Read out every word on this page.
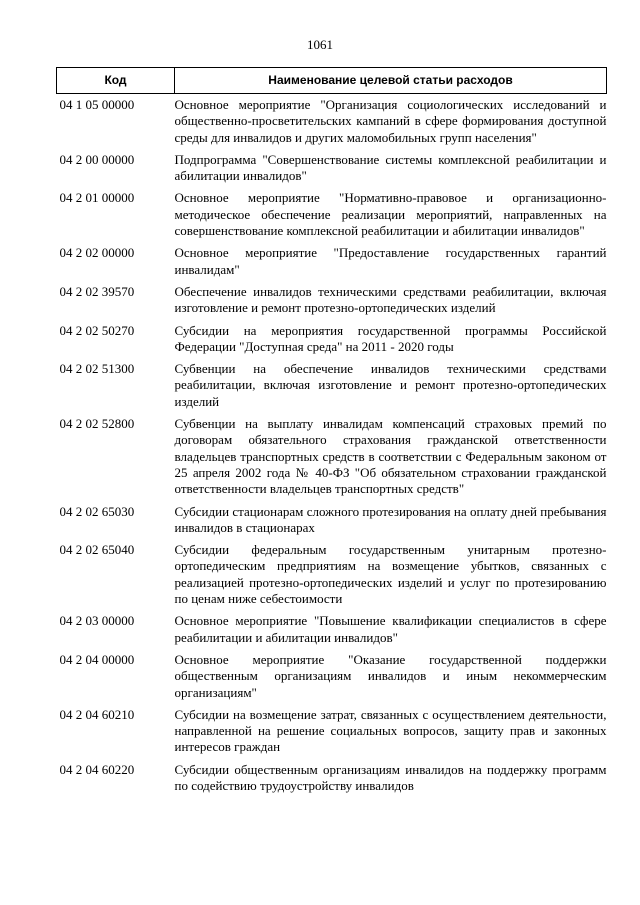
1061
Код	Наименование целевой статьи расходов
04 1 05 00000	Основное мероприятие "Организация социологических исследований и общественно-просветительских кампаний в сфере формирования доступной среды для инвалидов и других маломобильных групп населения"
04 2 00 00000	Подпрограмма "Совершенствование системы комплексной реабилитации и абилитации инвалидов"
04 2 01 00000	Основное мероприятие "Нормативно-правовое и организационно-методическое обеспечение реализации мероприятий, направленных на совершенствование комплексной реабилитации и абилитации инвалидов"
04 2 02 00000	Основное мероприятие "Предоставление государственных гарантий инвалидам"
04 2 02 39570	Обеспечение инвалидов техническими средствами реабилитации, включая изготовление и ремонт протезно-ортопедических изделий
04 2 02 50270	Субсидии на мероприятия государственной программы Российской Федерации "Доступная среда" на 2011 - 2020 годы
04 2 02 51300	Субвенции на обеспечение инвалидов техническими средствами реабилитации, включая изготовление и ремонт протезно-ортопедических изделий
04 2 02 52800	Субвенции на выплату инвалидам компенсаций страховых премий по договорам обязательного страхования гражданской ответственности владельцев транспортных средств в соответствии с Федеральным законом от 25 апреля 2002 года № 40-ФЗ "Об обязательном страховании гражданской ответственности владельцев транспортных средств"
04 2 02 65030	Субсидии стационарам сложного протезирования на оплату дней пребывания инвалидов в стационарах
04 2 02 65040	Субсидии федеральным государственным унитарным протезно-ортопедическим предприятиям на возмещение убытков, связанных с реализацией протезно-ортопедических изделий и услуг по протезированию по ценам ниже себестоимости
04 2 03 00000	Основное мероприятие "Повышение квалификации специалистов в сфере реабилитации и абилитации инвалидов"
04 2 04 00000	Основное мероприятие "Оказание государственной поддержки общественным организациям инвалидов и иным некоммерческим организациям"
04 2 04 60210	Субсидии на возмещение затрат, связанных с осуществлением деятельности, направленной на решение социальных вопросов, защиту прав и законных интересов граждан
04 2 04 60220	Субсидии общественным организациям инвалидов на поддержку программ по содействию трудоустройству инвалидов
